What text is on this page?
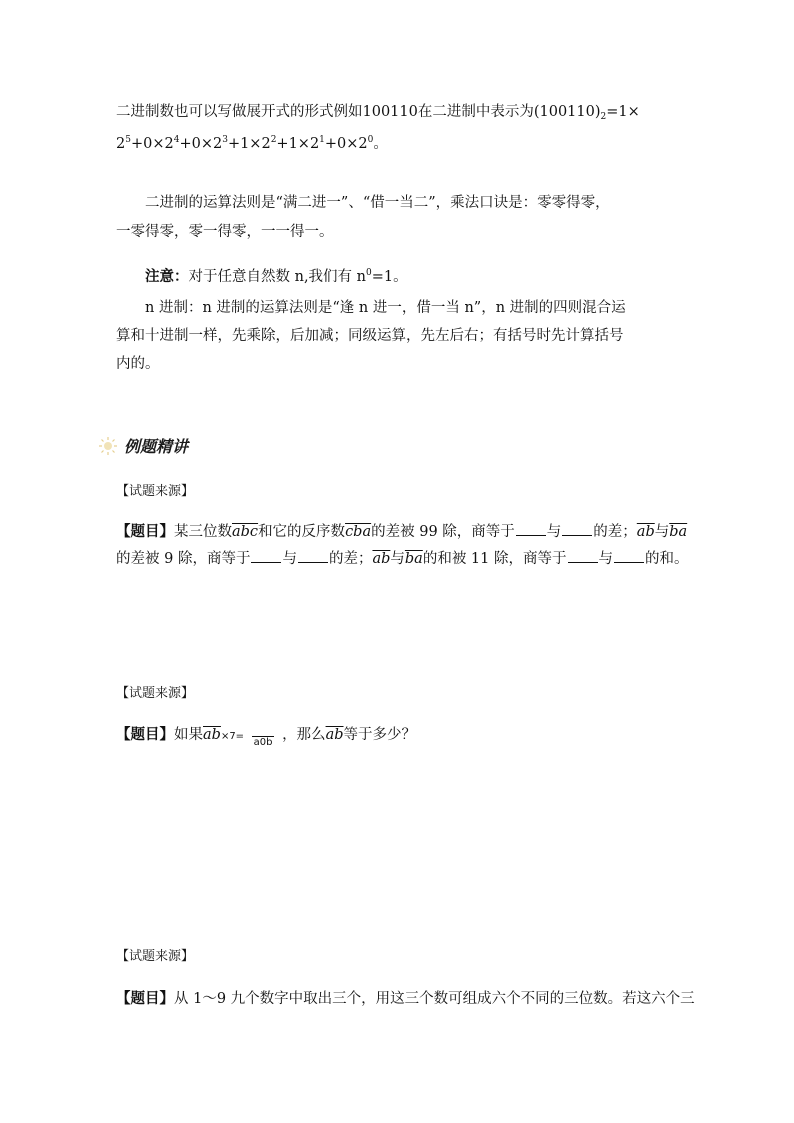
二进制数也可以写做展开式的形式例如100110在二进制中表示为$(100110)_2=1\times$
$2^5+0\times 2^4+0\times 2^3+1\times 2^2+1\times 2^1+0\times 2^0$。
二进制的运算法则是“满二进一”、“借一当二”，乘法口诀是：零零得零，
一零得零，零一得零，一一得一。
注意：对于任意自然数 n,我们有 $n^0=1$。
n 进制：n 进制的运算法则是“逢 n 进一，借一当 n”，n 进制的四则混合运
算和十进制一样，先乘除，后加减；同级运算，先左后右；有括号时先计算括号
内的。
例题精讲
【试题来源】
【题目】某三位数$\overline{abc}$和它的反序数$\overline{cba}$的差被 99 除，商等于 与 的差；$\overline{ab}$与$\overline{ba}$
的差被 9 除，商等于 与 的差；$\overline{ab}$与$\overline{ba}$的和被 11 除，商等于 与 的和。
【试题来源】
【题目】如果$\overline{ab}\times 7=a0b$ ，那么$\overline{ab}$等于多少？
【试题来源】
【题目】从 1～9 九个数字中取出三个，用这三个数可组成六个不同的三位数。若这六个三
